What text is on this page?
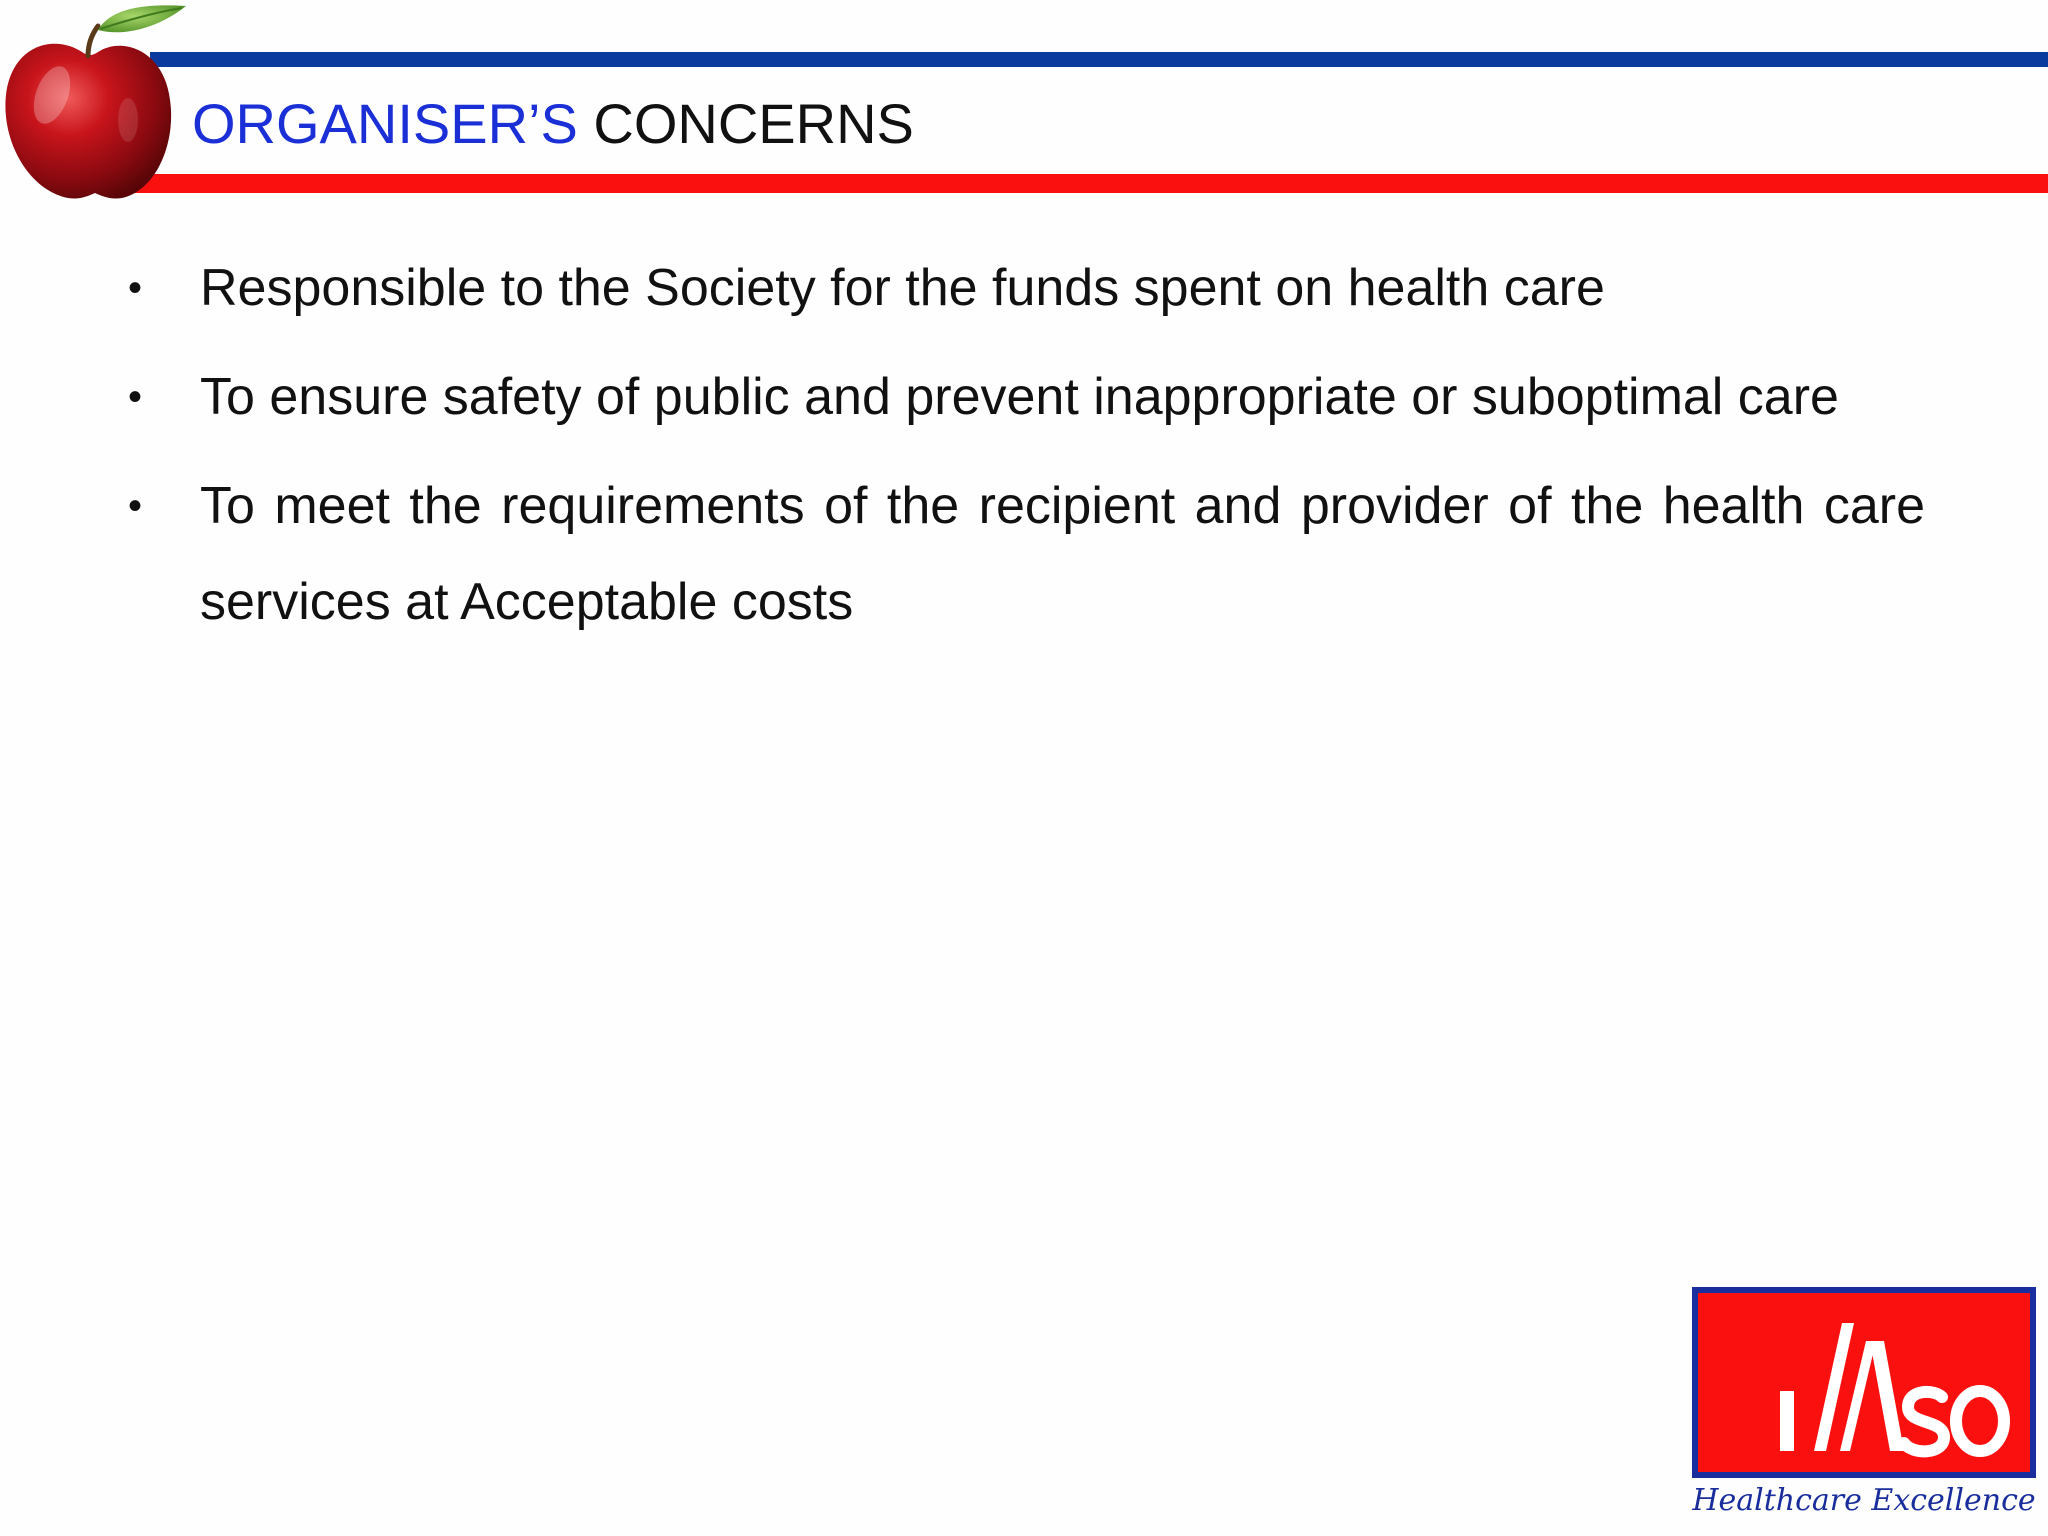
ORGANISER’S CONCERNS
• Responsible to the Society for the funds spent on health care
• To ensure safety of public and prevent inappropriate or suboptimal care
• To meet the requirements of the recipient and provider of the health care services at Acceptable costs
Healthcare Excellence
